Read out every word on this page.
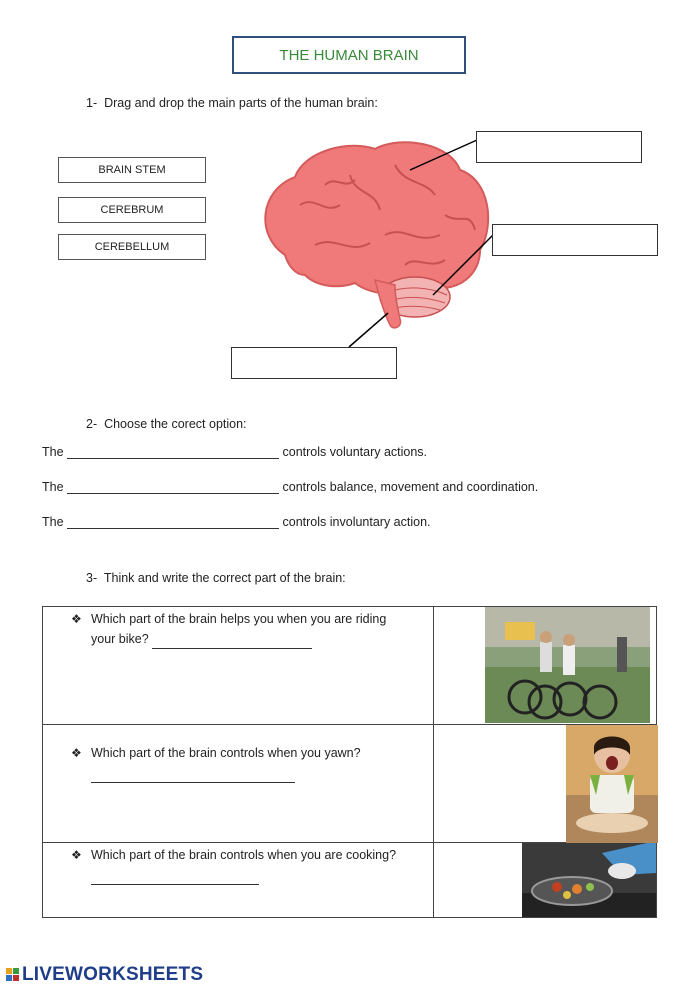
THE HUMAN BRAIN
1- Drag and drop the main parts of the human brain:
BRAIN STEM
CEREBRUM
CEREBELLUM
2- Choose the corect option:
The	controls voluntary actions.
The	controls balance, movement and coordination.
The	controls involuntary action.
3- Think and write the correct part of the brain:
❖ Which part of the brain helps you when you are riding
your bike?

❖ Which part of the brain controls when you yawn?

❖ Which part of the brain controls when you are cooking?

LIVEWORKSHEETS
